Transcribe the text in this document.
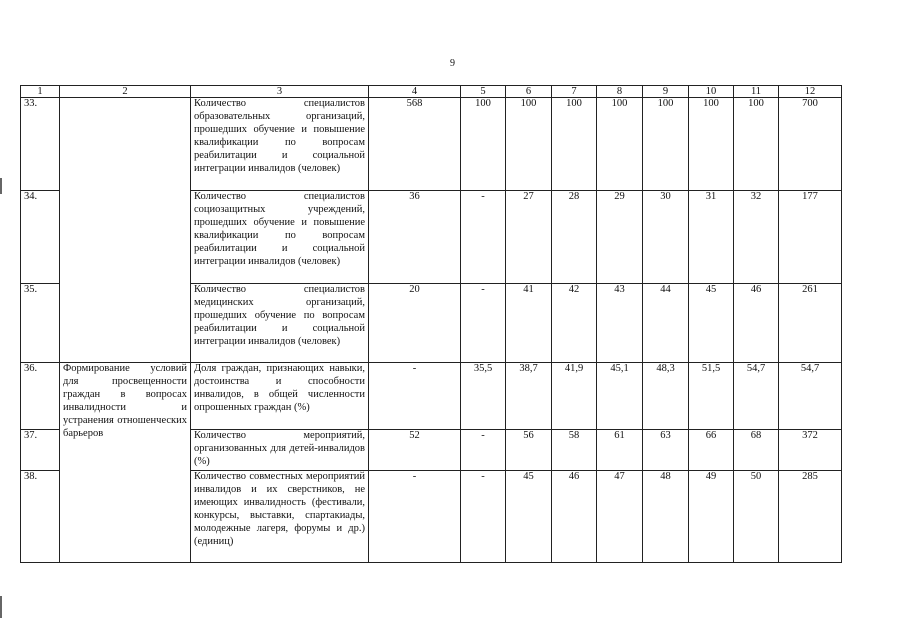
9
1	2	3	4	5	6	7	8	9	10	11	12
33.		Количество специалистов образовательных организаций, прошедших обучение и повышение квалификации по вопросам реабилитации и социальной интеграции инвалидов (человек)	568	100	100	100	100	100	100	100	700
34.		Количество специалистов социозащитных учреждений, прошедших обучение и повышение квалификации по вопросам реабилитации и социальной интеграции инвалидов (человек)	36	-	27	28	29	30	31	32	177
35.		Количество специалистов медицинских организаций, прошедших обучение по вопросам реабилитации и социальной интеграции инвалидов (человек)	20	-	41	42	43	44	45	46	261
36.	Формирование условий для просвещенности граждан в вопросах инвалидности и устранения отношенческих барьеров	Доля граждан, признающих навыки, достоинства и способности инвалидов, в общей численности опрошенных граждан (%)	-	35,5	38,7	41,9	45,1	48,3	51,5	54,7	54,7
37.		Количество мероприятий, организованных для детей-инвалидов (%)	52	-	56	58	61	63	66	68	372
38.		Количество совместных мероприятий инвалидов и их сверстников, не имеющих инвалидность (фестивали, конкурсы, выставки, спартакиады, молодежные лагеря, форумы и др.) (единиц)	-	-	45	46	47	48	49	50	285
